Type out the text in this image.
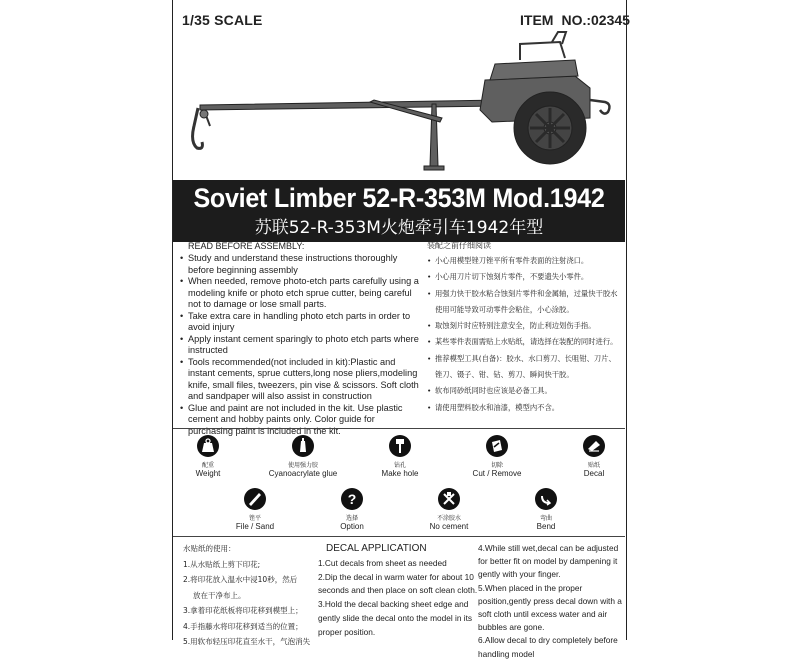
1/35 SCALE	ITEM NO.:02345
Soviet Limber 52-R-353M Mod.1942
苏联52-R-353M火炮牵引车1942年型
READ BEFORE ASSEMBLY:
• Study and understand these instructions thoroughly before beginning assembly
• When needed, remove photo-etch parts carefully using a modeling knife or photo etch sprue cutter, being careful not to damage or lose small parts.
• Take extra care in handling photo etch parts in order to avoid injury
• Apply instant cement sparingly to photo etch parts where instructed
• Tools recommended(not included in kit):Plastic and instant cements, sprue cutters,long nose pliers,modeling knife, small files, tweezers, pin vise & scissors. Soft cloth and sandpaper will also assist in construction
• Glue and paint are not included in the kit. Use plastic cement and hobby paints only. Color guide for purchasing paint is included in the kit.
装配之前仔细阅读
• 小心用模型锉刀锉平所有零件表面的注射浇口。
• 小心用刀片切下蚀刻片零件，不要遗失小零件。
• 用强力快干胶水粘合蚀刻片零件和金属轴，过量快干胶水
使用可能导致可动零件会粘住，小心涂胶。
• 取蚀刻片时应特别注意安全，防止利边划伤手指。
• 某些零件表面需贴上水贴纸，请选择在装配的同时进行。
• 推荐模型工具(自备)：胶水、水口剪刀、长咀钳、刀片、
锉刀、镊子、钳、钻、剪刀、瞬间快干胶。
• 软布同砂纸同时也应该是必备工具。
• 请使用塑料胶水和油漆，模型内不含。
配重
Weight
使用强力胶
Cyanoacrylate glue
钻孔
Make hole
切除
Cut / Remove
贴纸
Decal
锉平
File / Sand
?
选择
Option
不涂胶水
No cement
弯曲
Bend
水贴纸的使用：
1.从水贴纸上剪下印花;
2.将印花放入温水中浸10秒，然后
放在干净布上。
3.拿着印花纸板将印花移到模型上；
4.手指藤水将印花移到适当的位置；
5.用软布轻压印花直至水干，气泡消失
DECAL APPLICATION
1.Cut decals from sheet as needed
2.Dip the decal in warm water for about 10 seconds and then place on soft clean cloth.
3.Hold the decal backing sheet edge and gently slide the decal onto the model in its proper position.
4.While still wet,decal can be adjusted for better fit on model by dampening it gently with your finger.
5.When placed in the proper position,gently press decal down with a soft cloth until excess water and air bubbles are gone.
6.Allow decal to dry completely before handling model
